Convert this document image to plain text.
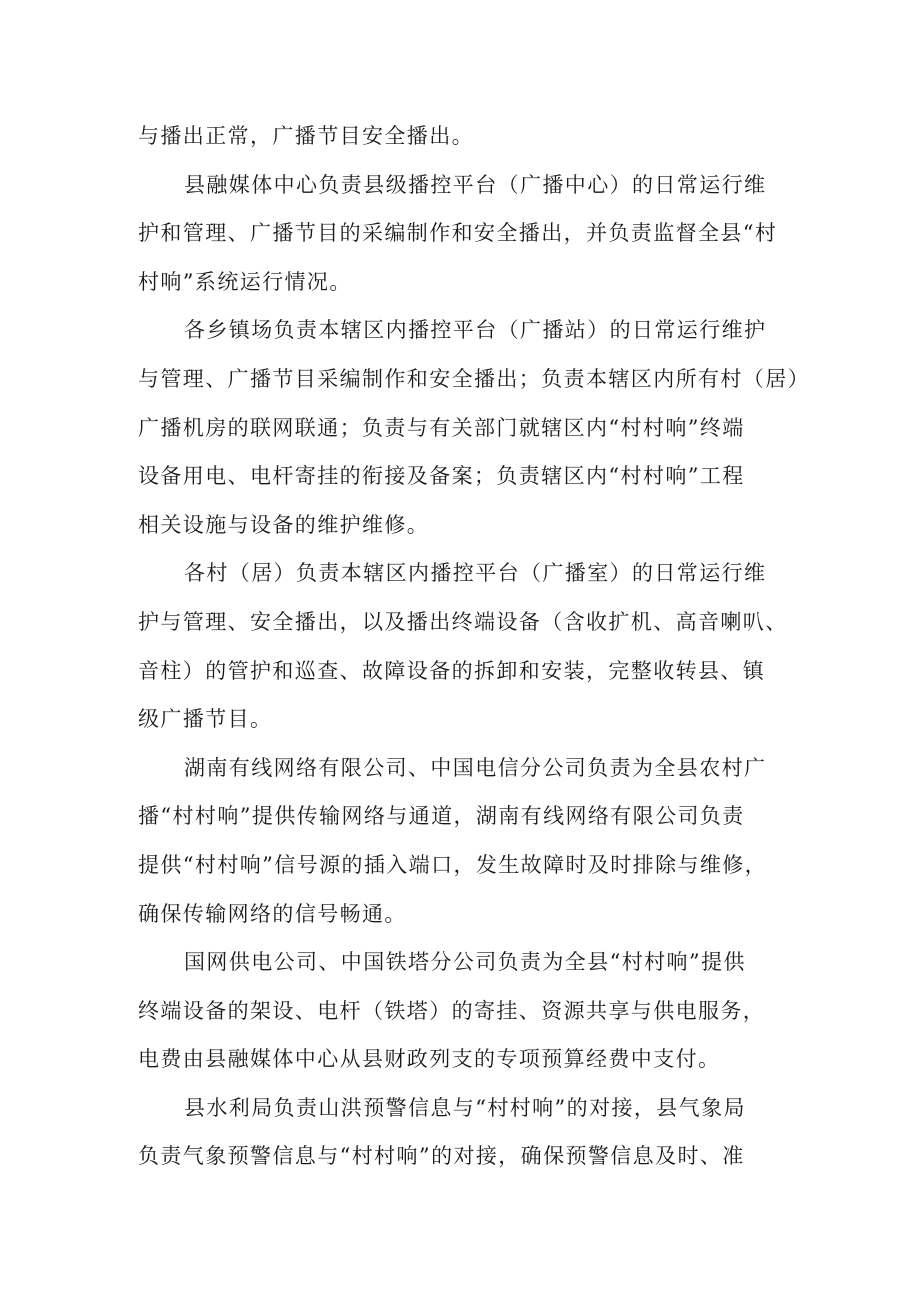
与播出正常，广播节目安全播出。
县融媒体中心负责县级播控平台（广播中心）的日常运行维
护和管理、广播节目的采编制作和安全播出，并负责监督全县“村
村响”系统运行情况。
各乡镇场负责本辖区内播控平台（广播站）的日常运行维护
与管理、广播节目采编制作和安全播出；负责本辖区内所有村（居）
广播机房的联网联通；负责与有关部门就辖区内“村村响”终端
设备用电、电杆寄挂的衔接及备案；负责辖区内“村村响”工程
相关设施与设备的维护维修。
各村（居）负责本辖区内播控平台（广播室）的日常运行维
护与管理、安全播出，以及播出终端设备（含收扩机、高音喇叭、
音柱）的管护和巡查、故障设备的拆卸和安装，完整收转县、镇
级广播节目。
湖南有线网络有限公司、中国电信分公司负责为全县农村广
播“村村响”提供传输网络与通道，湖南有线网络有限公司负责
提供“村村响”信号源的插入端口，发生故障时及时排除与维修，
确保传输网络的信号畅通。
国网供电公司、中国铁塔分公司负责为全县“村村响”提供
终端设备的架设、电杆（铁塔）的寄挂、资源共享与供电服务，
电费由县融媒体中心从县财政列支的专项预算经费中支付。
县水利局负责山洪预警信息与“村村响”的对接，县气象局
负责气象预警信息与“村村响”的对接，确保预警信息及时、准
